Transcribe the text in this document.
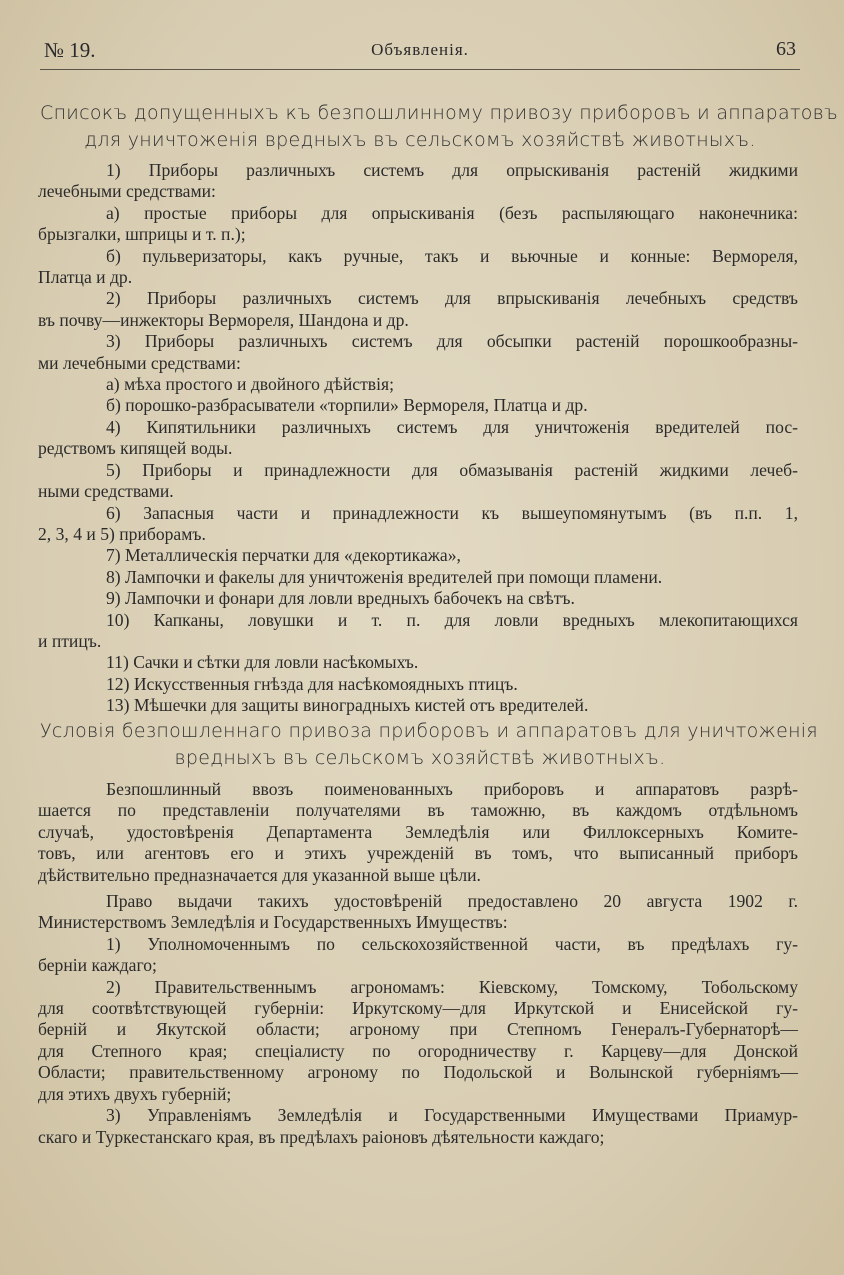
№ 19.	Объявленія.	63
Списокъ допущенныхъ къ безпошлинному привозу приборовъ и аппаратовъ
для уничтоженія вредныхъ въ сельскомъ хозяйствѣ животныхъ.

1) Приборы различныхъ системъ для опрыскиванія растеній жидкими

лечебными средствами:

а) простые приборы для опрыскиванія (безъ распыляющаго наконечника:

брызгалки, шприцы и т. п.);

б) пульверизаторы, какъ ручные, такъ и вьючные и конные: Вермореля,

Платца и др.

2) Приборы различныхъ системъ для впрыскиванія лечебныхъ средствъ

въ почву—инжекторы Вермореля, Шандона и др.

3) Приборы различныхъ системъ для обсыпки растеній порошкообразны-

ми лечебными средствами:

а) мѣха простого и двойного дѣйствія;

б) порошко-разбрасыватели «торпили» Вермореля, Платца и др.

4) Кипятильники различныхъ системъ для уничтоженія вредителей пос-

редствомъ кипящей воды.

5) Приборы и принадлежности для обмазыванія растеній жидкими лечеб-

ными средствами.

6) Запасныя части и принадлежности къ вышеупомянутымъ (въ п.п. 1,

2, 3, 4 и 5) приборамъ.

7) Металлическія перчатки для «декортикажа»,

8) Лампочки и факелы для уничтоженія вредителей при помощи пламени.

9) Лампочки и фонари для ловли вредныхъ бабочекъ на свѣтъ.

10) Капканы, ловушки и т. п. для ловли вредныхъ млекопитающихся

и птицъ.

11) Сачки и сѣтки для ловли насѣкомыхъ.

12) Искусственныя гнѣзда для насѣкомоядныхъ птицъ.

13) Мѣшечки для защиты виноградныхъ кистей отъ вредителей.

Условія безпошленнаго привоза приборовъ и аппаратовъ для уничтоженія
вредныхъ въ сельскомъ хозяйствѣ животныхъ.

Безпошлинный ввозъ поименованныхъ приборовъ и аппаратовъ разрѣ-

шается по представленіи получателями въ таможню, въ каждомъ отдѣльномъ

случаѣ, удостовѣренія Департамента Земледѣлія или Филлоксерныхъ Комите-

товъ, или агентовъ его и этихъ учрежденій въ томъ, что выписанный приборъ

дѣйствительно предназначается для указанной выше цѣли.

Право выдачи такихъ удостовѣреній предоставлено 20 августа 1902 г.

Министерствомъ Земледѣлія и Государственныхъ Имуществъ:

1) Уполномоченнымъ по сельскохозяйственной части, въ предѣлахъ гу-

берніи каждаго;

2) Правительственнымъ агрономамъ: Кіевскому, Томскому, Тобольскому

для соотвѣтствующей губерніи: Иркутскому—для Иркутской и Енисейской гу-

берній и Якутской области; агроному при Степномъ Генералъ-Губернаторѣ—

для Степного края; спеціалисту по огородничеству г. Карцеву—для Донской

Области; правительственному агроному по Подольской и Волынской губерніямъ—

для этихъ двухъ губерній;

3) Управленіямъ Земледѣлія и Государственными Имуществами Приамур-

скаго и Туркестанскаго края, въ предѣлахъ раіоновъ дѣятельности каждаго;
